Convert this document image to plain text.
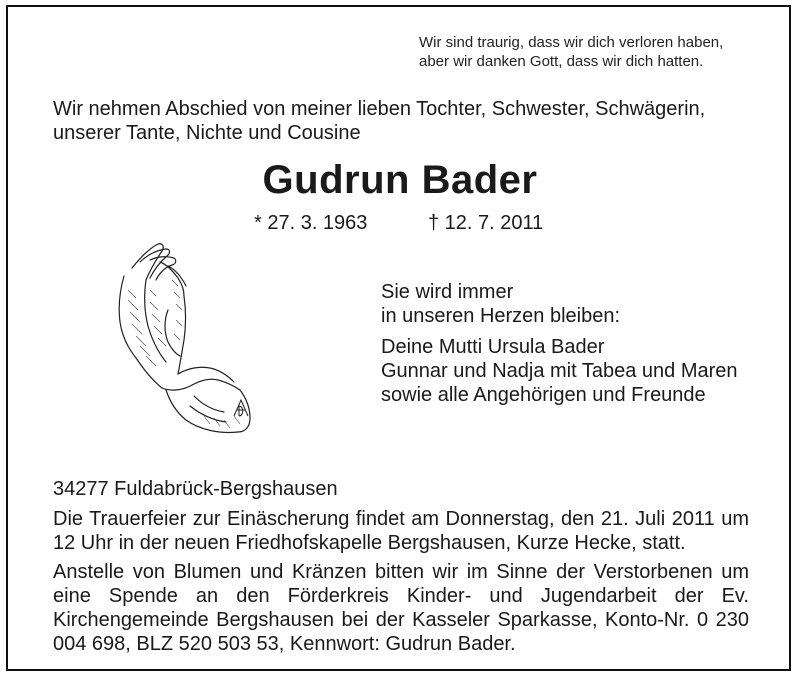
Wir sind traurig, dass wir dich verloren haben,
aber wir danken Gott, dass wir dich hatten.
Wir nehmen Abschied von meiner lieben Tochter, Schwester, Schwägerin,
unserer Tante, Nichte und Cousine
Gudrun Bader
* 27. 3. 1963	† 12. 7. 2011
Sie wird immer
in unseren Herzen bleiben:
Deine Mutti Ursula Bader
Gunnar und Nadja mit Tabea und Maren
sowie alle Angehörigen und Freunde

34277 Fuldabrück-Bergshausen

Die Trauerfeier zur Einäscherung findet am Donnerstag, den 21. Juli 2011 um 12 Uhr in der neuen Friedhofskapelle Bergshausen, Kurze Hecke, statt.

Anstelle von Blumen und Kränzen bitten wir im Sinne der Verstorbenen um eine Spende an den Förderkreis Kinder- und Jugendarbeit der Ev. Kirchengemeinde Bergshausen bei der Kasseler Sparkasse, Konto-Nr. 0 230 004 698, BLZ 520 503 53, Kennwort: Gudrun Bader.
